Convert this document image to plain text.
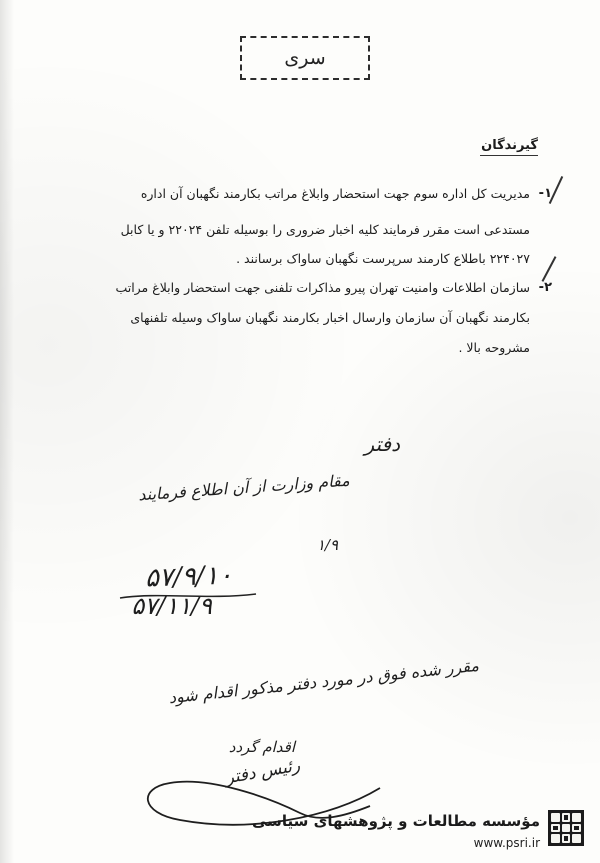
سری
گیرندگان
۱-
مدیریت کل اداره سوم جهت استحضار وابلاغ مراتب بکارمند نگهبان آن اداره
مستدعی است مقرر فرمایند کلیه اخبار ضروری را بوسیله تلفن ۲۲۰۲۴ و یا کابل
۲۲۴۰۲۷ باطلاع کارمند سرپرست نگهبان ساواک برسانند .
۲-
سازمان اطلاعات وامنیت تهران پیرو مذاکرات تلفنی جهت استحضار وابلاغ مراتب
بکارمند نگهبان آن سازمان وارسال اخبار بکارمند نگهبان ساواک وسیله تلفنهای
مشروحه بالا .
دفتر
مقام وزارت از آن اطلاع فرمایند
۱/۹
۵۷/۹/۱۰
۵۷/۱۱/۹
مقرر شده فوق در مورد دفتر مذکور اقدام شود
اقدام گردد
رئیس دفتر
مؤسسه مطالعات و پژوهشهای سیاسی
www.psri.ir
